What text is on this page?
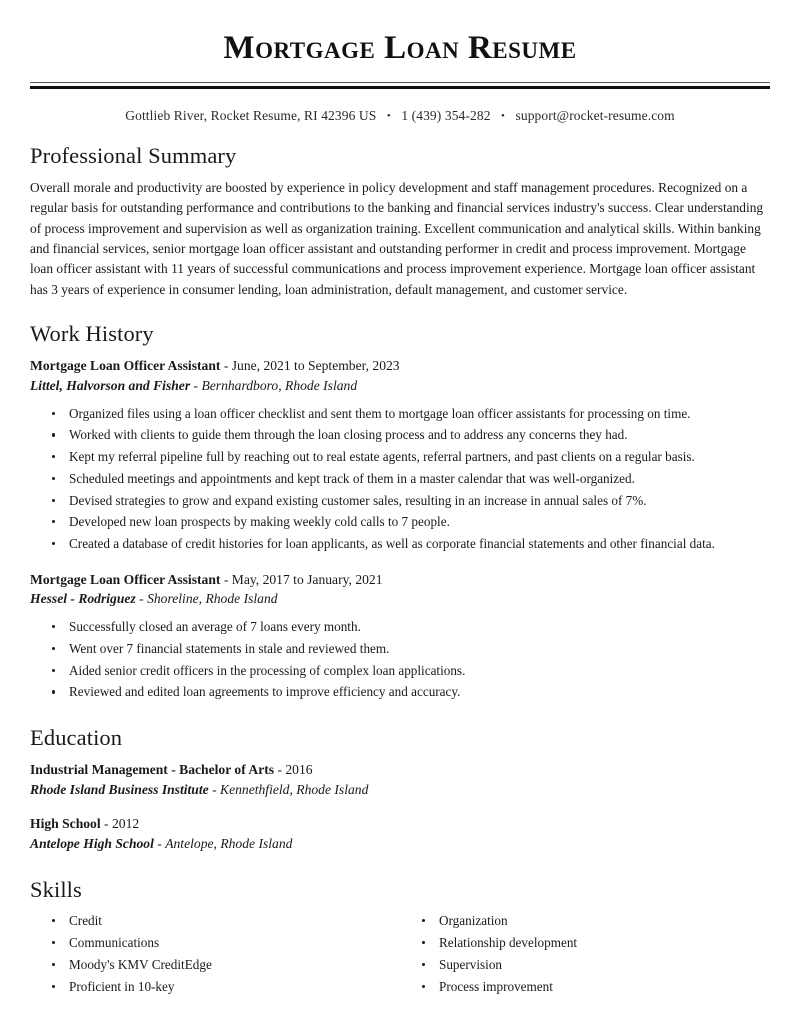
Mortgage Loan Resume
Gottlieb River, Rocket Resume, RI 42396 US • 1 (439) 354-282 • support@rocket-resume.com
Professional Summary

Overall morale and productivity are boosted by experience in policy development and staff management procedures. Recognized on a regular basis for outstanding performance and contributions to the banking and financial services industry's success. Clear understanding of process improvement and supervision as well as organization training. Excellent communication and analytical skills. Within banking and financial services, senior mortgage loan officer assistant and outstanding performer in credit and process improvement. Mortgage loan officer assistant with 11 years of successful communications and process improvement experience. Mortgage loan officer assistant has 3 years of experience in consumer lending, loan administration, default management, and customer service.

Work History
Mortgage Loan Officer Assistant - June, 2021 to September, 2023
Littel, Halvorson and Fisher - Bernhardboro, Rhode Island
Organized files using a loan officer checklist and sent them to mortgage loan officer assistants for processing on time.
Worked with clients to guide them through the loan closing process and to address any concerns they had.
Kept my referral pipeline full by reaching out to real estate agents, referral partners, and past clients on a regular basis.
Scheduled meetings and appointments and kept track of them in a master calendar that was well-organized.
Devised strategies to grow and expand existing customer sales, resulting in an increase in annual sales of 7%.
Developed new loan prospects by making weekly cold calls to 7 people.
Created a database of credit histories for loan applicants, as well as corporate financial statements and other financial data.
Mortgage Loan Officer Assistant - May, 2017 to January, 2021
Hessel - Rodriguez - Shoreline, Rhode Island
Successfully closed an average of 7 loans every month.
Went over 7 financial statements in stale and reviewed them.
Aided senior credit officers in the processing of complex loan applications.
Reviewed and edited loan agreements to improve efficiency and accuracy.
Education
Industrial Management - Bachelor of Arts - 2016
Rhode Island Business Institute - Kennethfield, Rhode Island
High School - 2012
Antelope High School - Antelope, Rhode Island
Skills
Credit
Communications
Moody's KMV CreditEdge
Proficient in 10-key
Organization
Relationship development
Supervision
Process improvement
